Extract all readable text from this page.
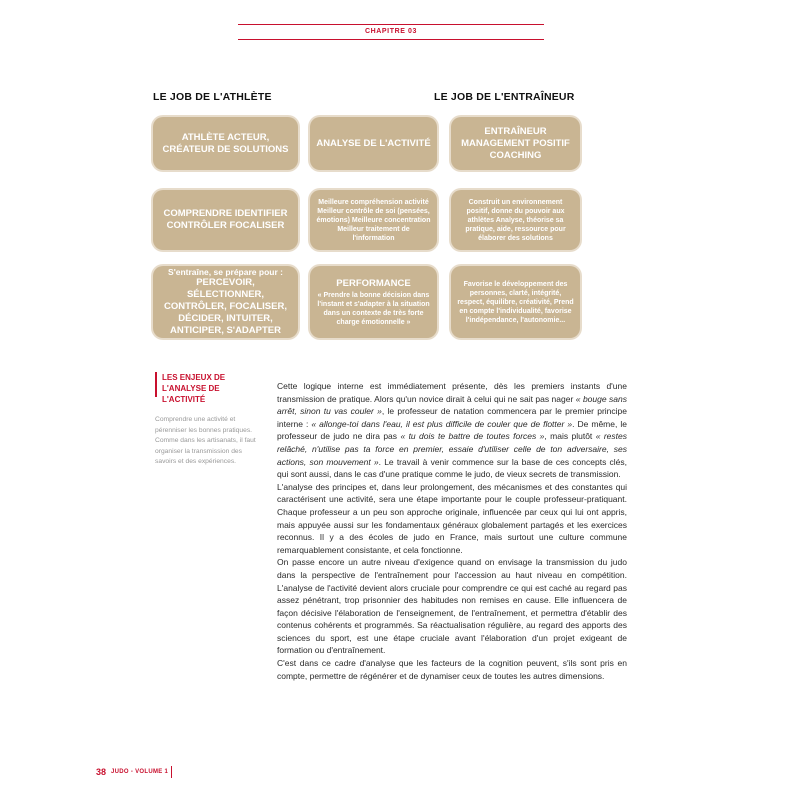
CHAPITRE 03
LE JOB DE L'ATHLÈTE	LE JOB DE L'ENTRAÎNEUR
ATHLÈTE ACTEUR, CRÉATEUR DE SOLUTIONS
ANALYSE DE L'ACTIVITÉ
ENTRAÎNEUR MANAGEMENT POSITIF COACHING
COMPRENDRE IDENTIFIER CONTRÔLER FOCALISER
Meilleure compréhension activité Meilleur contrôle de soi (pensées, émotions) Meilleure concentration Meilleur traitement de l'information
Construit un environnement positif, donne du pouvoir aux athlètes Analyse, théorise sa pratique, aide, ressource pour élaborer des solutions
S'entraîne, se prépare pour :
PERCEVOIR, SÉLECTIONNER, CONTRÔLER, FOCALISER, DÉCIDER, INTUITER, ANTICIPER, S'ADAPTER
PERFORMANCE
« Prendre la bonne décision dans l'instant et s'adapter à la situation dans un contexte de très forte charge émotionnelle »
Favorise le développement des personnes, clarté, intégrité, respect, équilibre, créativité, Prend en compte l'individualité, favorise l'indépendance, l'autonomie...
LES ENJEUX DE
L'ANALYSE DE L'ACTIVITÉ
Comprendre une activité et pérenniser les bonnes pratiques. Comme dans les artisanats, il faut organiser la transmission des savoirs et des expériences.

Cette logique interne est immédiatement présente, dès les premiers instants d'une transmission de pratique. Alors qu'un novice dirait à celui qui ne sait pas nager « bouge sans arrêt, sinon tu vas couler », le professeur de natation commencera par le premier principe interne : « allonge-toi dans l'eau, il est plus difficile de couler que de flotter ». De même, le professeur de judo ne dira pas « tu dois te battre de toutes forces », mais plutôt « restes relâché, n'utilise pas ta force en premier, essaie d'utiliser celle de ton adversaire, ses actions, son mouvement ». Le travail à venir commence sur la base de ces concepts clés, qui sont aussi, dans le cas d'une pratique comme le judo, de vieux secrets de transmission.

L'analyse des principes et, dans leur prolongement, des mécanismes et des constantes qui caractérisent une activité, sera une étape importante pour le couple professeur-pratiquant. Chaque professeur a un peu son approche originale, influencée par ceux qui lui ont appris, mais appuyée aussi sur les fondamentaux généraux globalement partagés et les exercices reconnus. Il y a des écoles de judo en France, mais surtout une culture commune remarquablement consistante, et cela fonctionne.

On passe encore un autre niveau d'exigence quand on envisage la transmission du judo dans la perspective de l'entraînement pour l'accession au haut niveau en compétition. L'analyse de l'activité devient alors cruciale pour comprendre ce qui est caché au regard pas assez pénétrant, trop prisonnier des habitudes non remises en cause. Elle influencera de façon décisive l'élaboration de l'enseignement, de l'entraînement, et permettra d'établir des contenus cohérents et programmés. Sa réactualisation régulière, au regard des apports des sciences du sport, est une étape cruciale avant l'élaboration d'un projet exigeant de formation ou d'entraînement.

C'est dans ce cadre d'analyse que les facteurs de la cognition peuvent, s'ils sont pris en compte, permettre de régénérer et de dynamiser ceux de toutes les autres dimensions.

38 JUDO - VOLUME 1
